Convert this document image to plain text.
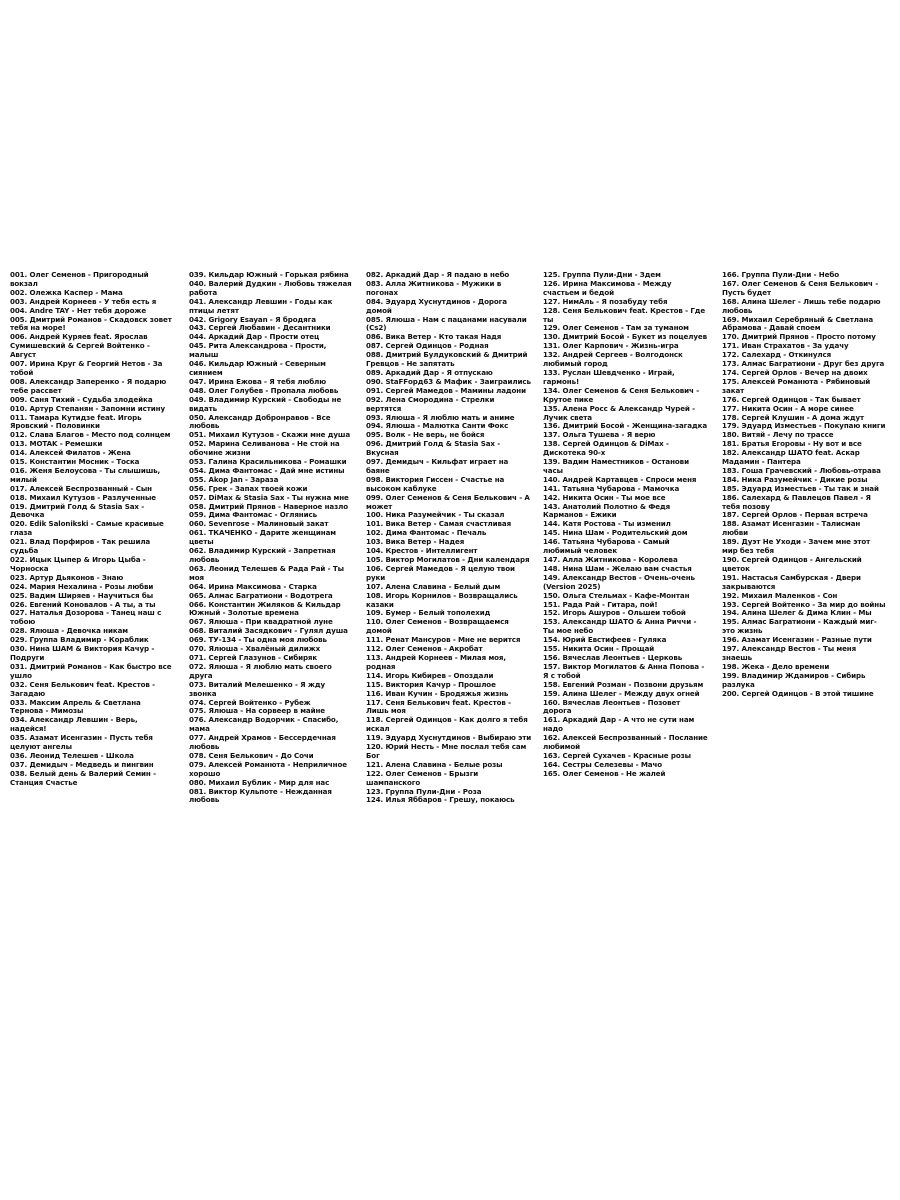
001. Олег Семенов - Пригородный вокзал
002. Олежка Каспер - Мама
003. Андрей Корнеев - У тебя есть я
004. Andre TAY - Нет тебя дороже
005. Дмитрий Романов - Скадовск зовет тебя на море!
006. Андрей Куряев feat. Ярослав Сумишевский & Сергей Войтенко - Август
007. Ирина Круг & Георгий Нетов - За тобой
008. Александр Заперенко - Я подарю тебе рассвет
009. Саня Тихий - Судьба злодейка
010. Артур Степанян - Запомни истину
011. Тамара Кутидзе feat. Игорь Яровский - Половинки
012. Слава Благов - Место под солнцем
013. MOTAK - Ремешки
014. Алексей Филатов - Жена
015. Константин Мосник - Тоска
016. Женя Белоусова - Ты слышишь, милый
017. Алексей Беспрозванный - Сын
018. Михаил Кутузов - Разлученные
019. Дмитрий Голд & Stasia Sax - Девочка
020. Edik Salonikski - Самые красивые глаза
021. Влад Порфиров - Так решила судьба
022. Ицык Цыпер & Игорь Цыба - Чорноска
023. Артур Дьяконов - Знаю
024. Мария Нехалина - Розы любви
025. Вадим Ширяев - Научиться бы
026. Евгений Коновалов - А ты, а ты
027. Наталья Дозорова - Танец наш с тобою
028. Ялюша - Девочка никам
029. Группа Владимир - Кораблик
030. Нина ШАМ & Виктория Качур - Подруги
031. Дмитрий Романов - Как быстро все ушло
032. Сеня Белькович feat. Крестов - Загадаю
033. Максим Апрель & Светлана Тернова - Мимозы
034. Александр Левшин - Верь, надейся!
035. Азамат Исенгазин - Пусть тебя целуют ангелы
036. Леонид Телешев - Школа
037. Демидыч - Медведь и пингвин
038. Белый день & Валерий Семин - Станция Счастье
039. Кильдар Южный - Горькая рябина
040. Валерий Дудкин - Любовь тяжелая работа
041. Александр Левшин - Годы как птицы летят
042. Grigory Esayan - Я бродяга
043. Сергей Любавин - Десантники
044. Аркадий Дар - Прости отец
045. Рита Александрова - Прости, малыш
046. Кильдар Южный - Северным сиянием
047. Ирина Ежова - Я тебя люблю
048. Олег Голубев - Пропала любовь
049. Владимир Курский - Свободы не видать
050. Александр Добронравов - Все любовь
051. Михаил Кутузов - Скажи мне душа
052. Марина Селиванова - Не стой на обочине жизни
053. Галина Красильникова - Ромашки
054. Дима Фантомас - Дай мне истины
055. Akop Jan - Зараза
056. Грек - Запах твоей кожи
057. DiMax & Stasia Sax - Ты нужна мне
058. Дмитрий Прянов - Наверное назло
059. Дима Фантомас - Оглянись
060. Sevenrose - Малиновый закат
061. ТКАЧЕНКО - Дарите женщинам цветы
062. Владимир Курский - Запретная любовь
063. Леонид Телешев & Рада Рай - Ты моя
064. Ирина Максимова - Старка
065. Алмас Багратиони - Водотрега
066. Константин Жиляков & Кильдар Южный - Золотые времена
067. Ялюша - При квадратной луне
068. Виталий Засядкович - Гулял душа
069. ТУ-134 - Ты одна моя любовь
070. Ялюша - Хвалёный дилижх
071. Сергей Глазунов - Сибиряк
072. Ялюша - Я люблю мать своего друга
073. Виталий Мелешенко - Я жду звонка
074. Сергей Войтенко - Рубеж
075. Ялюша - На сорвеер в майне
076. Александр Водорчик - Спасибо, мама
077. Андрей Храмов - Бессердечная любовь
078. Сеня Белькович - До Сочи
079. Алексей Романюта - Неприличное хорошо
080. Михаил Бублик - Мир для нас
081. Виктор Кульпоте - Нежданная любовь
082. Аркадий Дар - Я падаю в небо
083. Алла Житникова - Мужики в погонах
084. Эдуард Хуснутдинов - Дорога домой
085. Ялюша - Нам с пацанами насували (Cs2)
086. Вика Ветер - Кто такая Надя
087. Сергей Одинцов - Родная
088. Дмитрий Булдуковский & Дмитрий Гревцов - Не запятать
089. Аркадий Дар - Я отпускаю
090. StaFFорд63 & Мафик - Заиграились
091. Сергей Мамедов - Мамины ладони
092. Лена Смородина - Стрелки вертятся
093. Ялюша - Я люблю мать и аниме
094. Ялюша - Малютка Санти Фокс
095. Волк - Не верь, не бойся
096. Дмитрий Голд & Stasia Sax - Вкусная
097. Демидыч - Кильфат играет на баяне
098. Виктория Гиссен - Счастье на высоком каблуке
099. Олег Семенов & Сеня Белькович - А может
100. Ника Разумейчик - Ты сказал
101. Вика Ветер - Самая счастливая
102. Дима Фантомас - Печаль
103. Вика Ветер - Надея
104. Крестов - Интеллигент
105. Виктор Могилатов - Дни календаря
106. Сергей Мамедов - Я целую твои руки
107. Алена Славина - Белый дым
108. Игорь Корнилов - Возвращались казаки
109. Бумер - Белый тополехид
110. Олег Семенов - Возвращаемся домой
111. Ренат Мансуров - Мне не верится
112. Олег Семенов - Акробат
113. Андрей Корнеев - Милая моя, родная
114. Игорь Кибирев - Опоздали
115. Виктория Качур - Прошлое
116. Иван Кучин - Бродяжья жизнь
117. Сеня Белькович feat. Крестов - Лишь моя
118. Сергей Одинцов - Как долго я тебя искал
119. Эдуард Хуснутдинов - Выбираю эти
120. Юрий Несть - Мне послал тебя сам Бог
121. Алена Славина - Белые розы
122. Олег Семенов - Брызги шампанского
123. Группа Пули-Дни - Роза
124. Илья Яббаров - Грешу, покаюсь
125. Группа Пули-Дни - Здем
126. Ирина Максимова - Между счастьем и бедой
127. НимАль - Я позабуду тебя
128. Сеня Белькович feat. Крестов - Где ты
129. Олег Семенов - Там за туманом
130. Дмитрий Босой - Букет из поцелуев
131. Олег Карпович - Жизнь-игра
132. Андрей Сергеев - Волгодонск любимый город
133. Руслан Шевдченко - Играй, гармонь!
134. Олег Семенов & Сеня Белькович - Крутое пике
135. Алена Росс & Александр Чурей - Лучик света
136. Дмитрий Босой - Женщина-загадка
137. Ольга Тушева - Я верю
138. Сергей Одинцов & DiMax - Дискотека 90-х
139. Вадим Наместников - Останови часы
140. Андрей Картавцев - Спроси меня
141. Татьяна Чубарова - Мамочка
142. Никита Осин - Ты мое все
143. Анатолий Полотно & Федя Карманов - Ежики
144. Катя Ростова - Ты изменил
145. Нина Шам - Родительский дом
146. Татьяна Чубарова - Самый любимый человек
147. Алла Житникова - Королева
148. Нина Шам - Желаю вам счастья
149. Александр Вестов - Очень-очень (Version 2025)
150. Ольга Стельмах - Кафе-Монтан
151. Рада Рай - Гитара, пой!
152. Игорь Ашуров - Ольшеи тобой
153. Александр ШАТО & Анна Риччи - Ты мое небо
154. Юрий Евстифеев - Гуляка
155. Никита Осин - Прощай
156. Вячеслав Леонтьев - Церковь
157. Виктор Могилатов & Анна Попова - Я с тобой
158. Евгений Розман - Позвони друзьям
159. Алина Шелег - Между двух огней
160. Вячеслав Леонтьев - Позовет дорога
161. Аркадий Дар - А что не сути нам надо
162. Алексей Беспрозванный - Послание любимой
163. Сергей Сухачев - Красные розы
164. Сестры Селезевы - Мачо
165. Олег Семенов - Не жалей
166. Группа Пули-Дни - Небо
167. Олег Семенов & Сеня Белькович - Пусть будет
168. Алина Шелег - Лишь тебе подарю любовь
169. Михаил Серебряный & Светлана Абрамова - Давай споем
170. Дмитрий Прянов - Просто потому
171. Иван Страхатов - За удачу
172. Салехард - Откинулся
173. Алмас Багратиони - Друг без друга
174. Сергей Орлов - Вечер на двоих
175. Алексей Романюта - Рябиновый закат
176. Сергей Одинцов - Так бывает
177. Никита Осин - А море синее
178. Сергей Клушин - А дома ждут
179. Эдуард Изместьев - Покупаю книги
180. Витяй - Лечу по трассе
181. Братья Егоровы - Ну вот и все
182. Александр ШАТО feat. Аскар Мадамин - Пантера
183. Гоша Грачевский - Любовь-отрава
184. Ника Разумейчик - Дикие розы
185. Эдуард Изместьев - Ты так и знай
186. Салехард & Павлецов Павел - Я тебя позову
187. Сергей Орлов - Первая встреча
188. Азамат Исенгазин - Талисман любви
189. Дуэт Не Уходи - Зачем мне этот мир без тебя
190. Сергей Одинцов - Ангельский цветок
191. Настасья Самбурская - Двери закрываются
192. Михаил Маленков - Сон
193. Сергей Войтенко - За мир до войны
194. Алина Шелег & Дима Клин - Мы
195. Алмас Багратиони - Каждый миг- это жизнь
196. Азамат Исенгазин - Разные пути
197. Александр Вестов - Ты меня знаешь
198. Жека - Дело времени
199. Владимир Ждамиров - Сибирь разлука
200. Сергей Одинцов - В этой тишине
